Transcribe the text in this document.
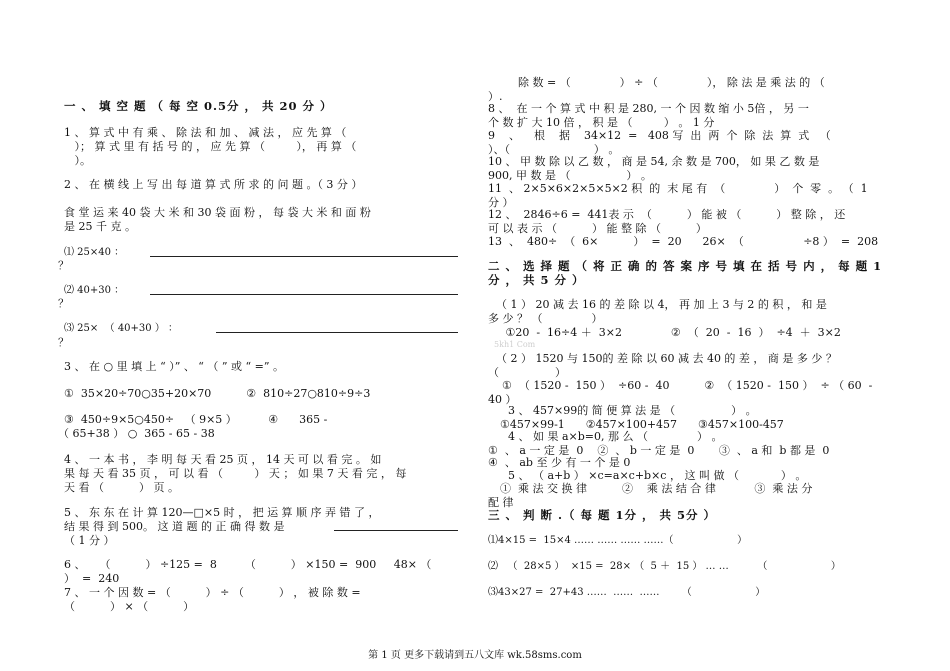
一 、 填 空 题 （ 每 空 0.5分 ， 共 20 分 ）
1 、 算 式 中 有 乘 、 除 法 和 加 、 减 法 ， 应 先 算 （
）； 算 式 里 有 括 号 的 ， 应 先 算 （         ）， 再 算 （
）。
2 、 在 横 线 上 写 出 每 道 算 式 所 求 的 问 题 。（ 3 分 ）
食 堂 运 来 40 袋 大 米 和 30 袋 面 粉 ， 每 袋 大 米 和 面 粉
是 25 千 克 。
⑴ 25×40 ：
？
⑵ 40+30 ：
？
⑶ 25×  （ 40+30 ） ：
？
3 、 在 ○ 里 填 上 “ ）” 、 “ （ ” 或 “ =” 。
①  35×20÷70○35+20×70          ②  810÷27○810÷9÷3
③  450÷9×5○450÷   （ 9×5 ）         ④      365 -
（ 65+38 ） ○  365 - 65 - 38
4 、 一 本 书 ， 李 明 每 天 看 25 页 ， 14 天 可 以 看 完 。 如
果 每 天 看 35 页 ， 可 以 看 （         ） 天 ； 如 果 7 天 看 完 ， 每
天 看 （          ） 页 。
5 、 东 东 在 计 算 120—□×5 时 ， 把 运 算 顺 序 弄 错 了 ，
结 果 得 到 500。 这 道 题 的 正 确 得 数 是
（ 1 分 ）
6 、    （          ） ÷125 =  8        （          ） ×150 =  900     48× （
）  =  240
7 、 一 个 因 数 = （          ） ÷ （          ） ， 被 除 数 =
（          ） × （          ）
除 数 = （              ） ÷ （              ）， 除 法 是 乘 法 的 （
）.
8 、  在 一 个 算 式 中 积 是 280, 一 个 因 数 缩 小 5倍 ， 另 一
个 数 扩 大 10 倍 ， 积 是 （         ） 。 1 分
9    、    根    据    34×12  =   408 写  出  两  个  除  法  算  式   （
）、（                        ） 。
10 、 甲 数 除 以 乙 数 ， 商 是 54, 余 数 是 700， 如 果 乙 数 是
900, 甲 数 是 （                ） 。
11  、 2×5×6×2×5×5×2 积  的  末 尾 有  （              ）  个  零  。 （  1
分 ）
12 、  2846÷6 =  441表 示  （          ） 能 被 （          ） 整 除 ， 还
可 以 表 示 （          ） 能 整 除 （          ）
13  、  480÷  （  6×          ）  =  20      26×  （                 ÷8 ）  =  208
二 、 选 择 题 （ 将 正 确 的 答 案 序 号 填 在 括 号 内 ， 每 题 1
分 ， 共 5 分 ）
（ 1 ） 20 减 去 16 的 差 除 以 4， 再 加 上 3 与 2 的 积 ， 和 是
多 少 ？ （              ）
①20  -  16÷4 ＋  3×2              ②  （  20  -  16  ）  ÷4  ＋  3×2
5kh1 Com
（ 2 ） 1520 与 150的 差 除 以 60 减 去 40 的 差 ， 商 是 多 少 ？
（                ）
①  （ 1520 -  150 ）  ÷60 -  40          ②  （ 1520 -  150 ）  ÷ （ 60  -
40 ）
3 、 457×99的 简 便 算 法 是 （                ） 。
①457×99-1      ②457×100+457      ③457×100-457
4 、 如 果 a×b=0, 那 么 （              ） 。
①  、 a 一 定 是  0    ②  、 b 一 定 是  0       ③  、 a 和  b 都 是  0
④  、 ab 至 少 有 一 个 是 0
5 、 （ a+b ） ×c=a×c+b×c ， 这 叫 做 （            ） 。
①  乘 法 交 换 律          ②    乘 法 结 合 律           ③  乘 法 分
配 律
三 、 判 断 .（ 每 题 1分 ， 共 5分 ）
⑴4×15 =  15×4 …… …… …… ……（                    ）
⑵   （  28×5 ）  ×15 =  28× （  5 ＋  15 ） … …         （                    ）
⑶43×27 =  27+43 ……  ……  ……       （                    ）
第 1 页 更多下载请到五八文库 wk.58sms.com
